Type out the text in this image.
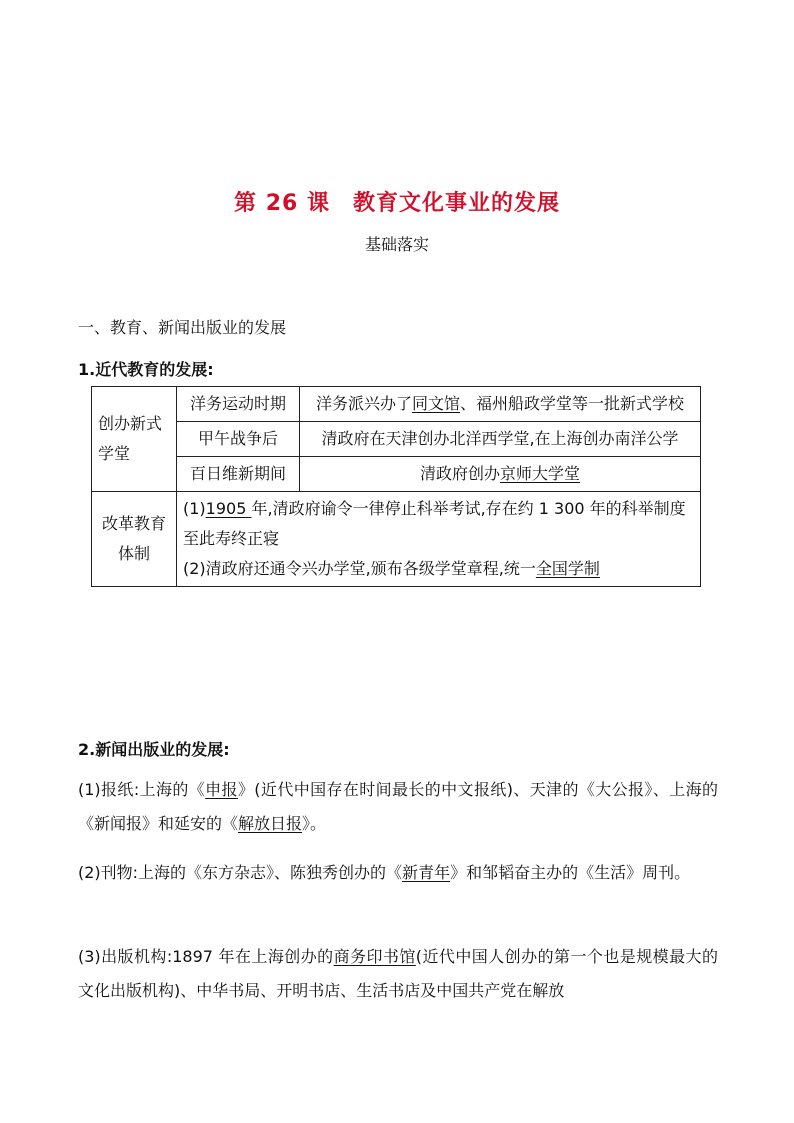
第 26 课　教育文化事业的发展
基础落实
一、教育、新闻出版业的发展
1.近代教育的发展:
创办新式学堂	洋务运动时期	洋务派兴办了同文馆、福州船政学堂等一批新式学校
	甲午战争后	清政府在天津创办北洋西学堂,在上海创办南洋公学
	百日维新期间	清政府创办京师大学堂
改革教育体制	(1)1905 年,清政府谕令一律停止科举考试,存在约 1 300 年的科举制度至此寿终正寝
(2)清政府还通令兴办学堂,颁布各级学堂章程,统一全国学制	
2.新闻出版业的发展:
(1)报纸:上海的《申报》(近代中国存在时间最长的中文报纸)、天津的《大公报》、上海的《新闻报》和延安的《解放日报》。
(2)刊物:上海的《东方杂志》、陈独秀创办的《新青年》和邹韬奋主办的《生活》周刊。
(3)出版机构:1897 年在上海创办的商务印书馆(近代中国人创办的第一个也是规模最大的文化出版机构)、中华书局、开明书店、生活书店及中国共产党在解放
